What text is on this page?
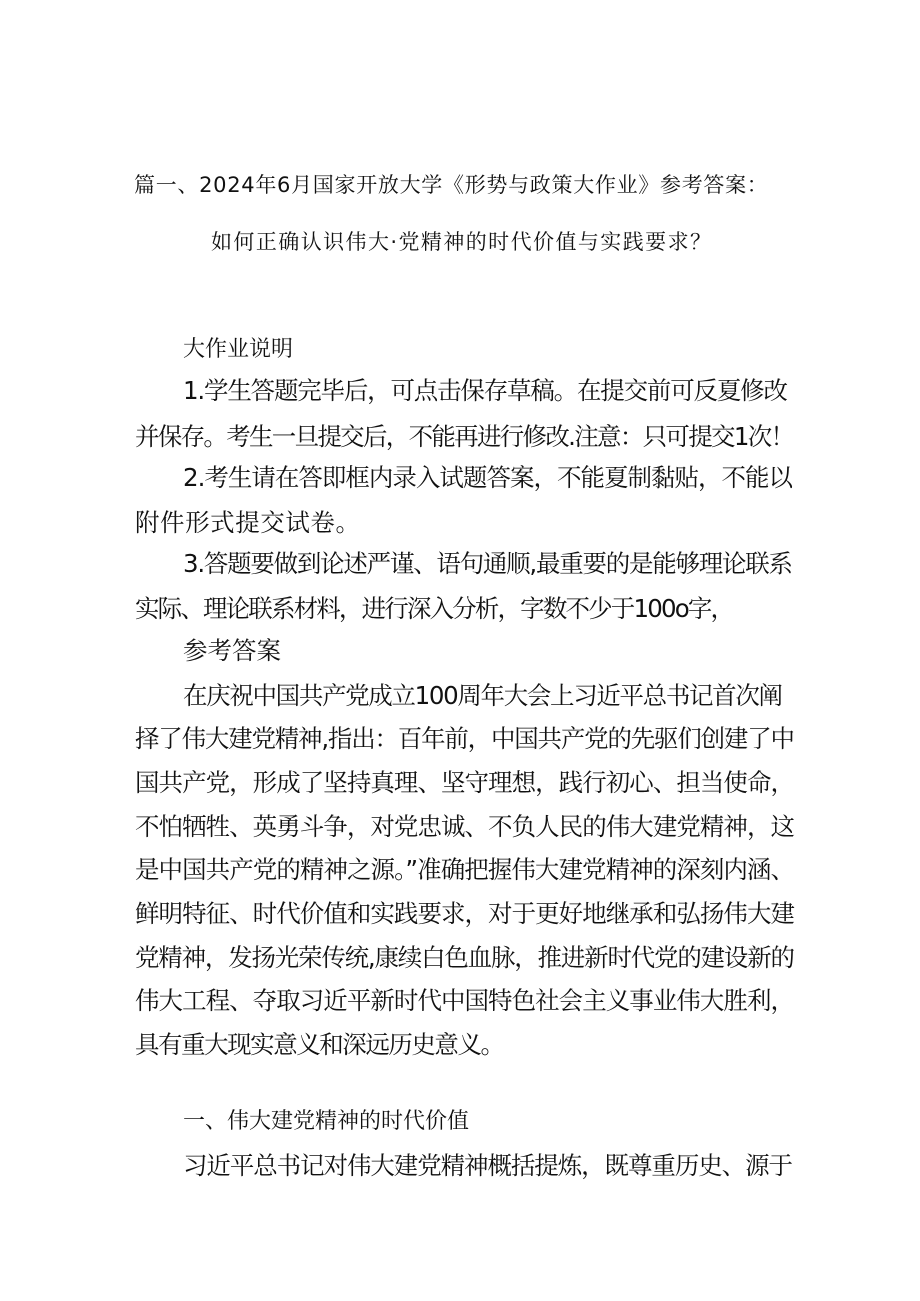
篇一、2024年6月国家开放大学《形势与政策大作业》参考答案：

如何正确认识伟大·党精神的时代价值与实践要求？

大作业说明

1.学生答题完毕后，可点击保存草稿。在提交前可反夏修改

并保存。考生一旦提交后，不能再进行修改.注意：只可提交1次！

2.考生请在答即框内录入试题答案，不能夏制黏贴，不能以

附件形式提交试卷。

3.答题要做到论述严谨、语句通顺,最重要的是能够理论联系

实际、理论联系材料，进行深入分析，字数不少于100o字，

参考答案

在庆祝中国共产党成立100周年大会上习近平总书记首次阐

择了伟大建党精神,指出：百年前，中国共产党的先驱们创建了中

国共产党，形成了坚持真理、坚守理想，践行初心、担当使命，

不怕牺牲、英勇斗争，对党忠诚、不负人民的伟大建党精神，这

是中国共产党的精神之源。”准确把握伟大建党精神的深刻内涵、

鲜明特征、时代价值和实践要求，对于更好地继承和弘扬伟大建

党精神，发扬光荣传统,康续白色血脉，推进新时代党的建设新的

伟大工程、夺取习近平新时代中国特色社会主义事业伟大胜利，

具有重大现实意义和深远历史意义。

一、伟大建党精神的时代价值

习近平总书记对伟大建党精神概括提炼，既尊重历史、源于
